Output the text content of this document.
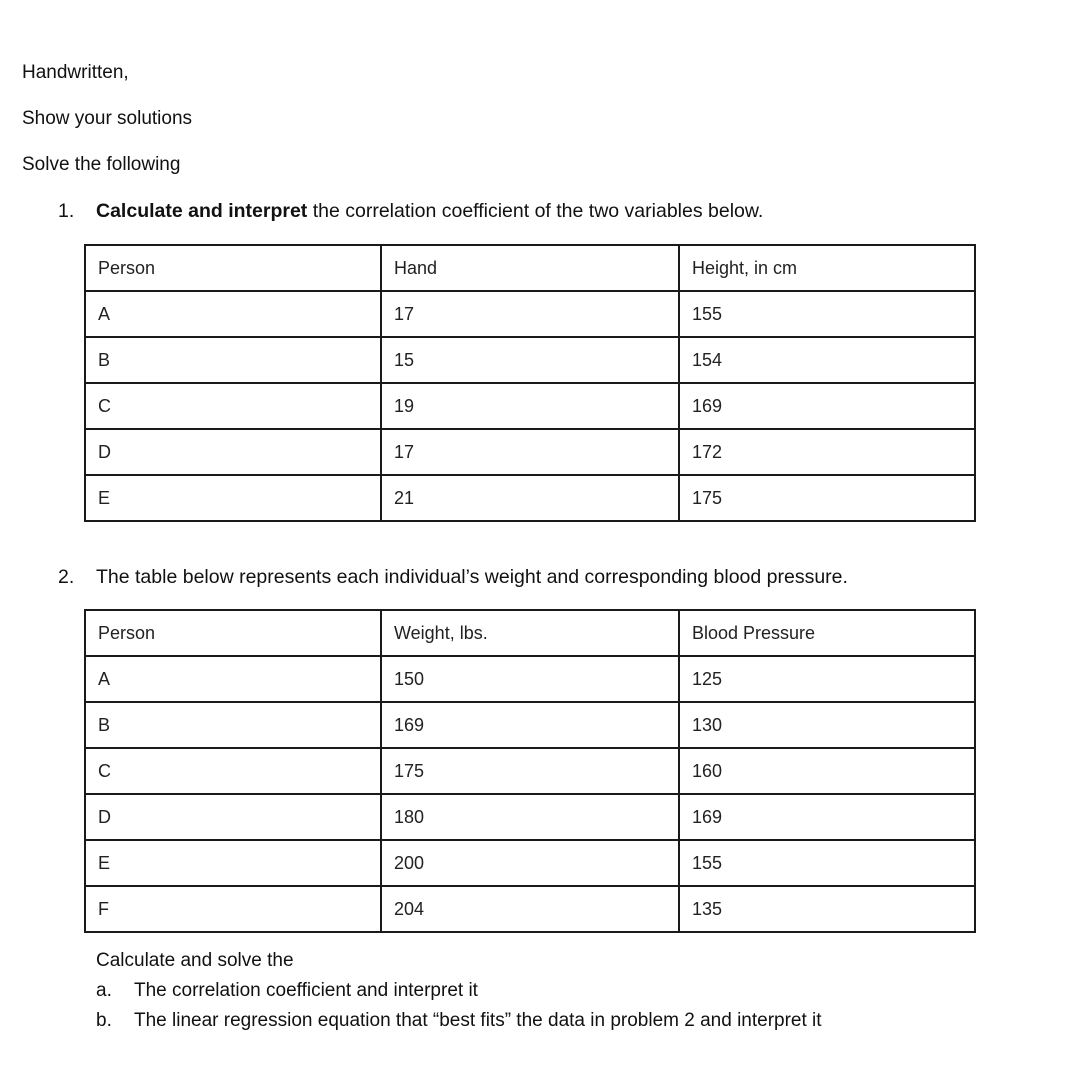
Handwritten,
Show your solutions
Solve the following
1. Calculate and interpret the correlation coefficient of the two variables below.
Person	Hand	Height, in cm
A	17	155
B	15	154
C	19	169
D	17	172
E	21	175
2. The table below represents each individual’s weight and corresponding blood pressure.
Person	Weight, lbs.	Blood Pressure
A	150	125
B	169	130
C	175	160
D	180	169
E	200	155
F	204	135
Calculate and solve the
a. The correlation coefficient and interpret it
b. The linear regression equation that “best fits” the data in problem 2 and interpret it
